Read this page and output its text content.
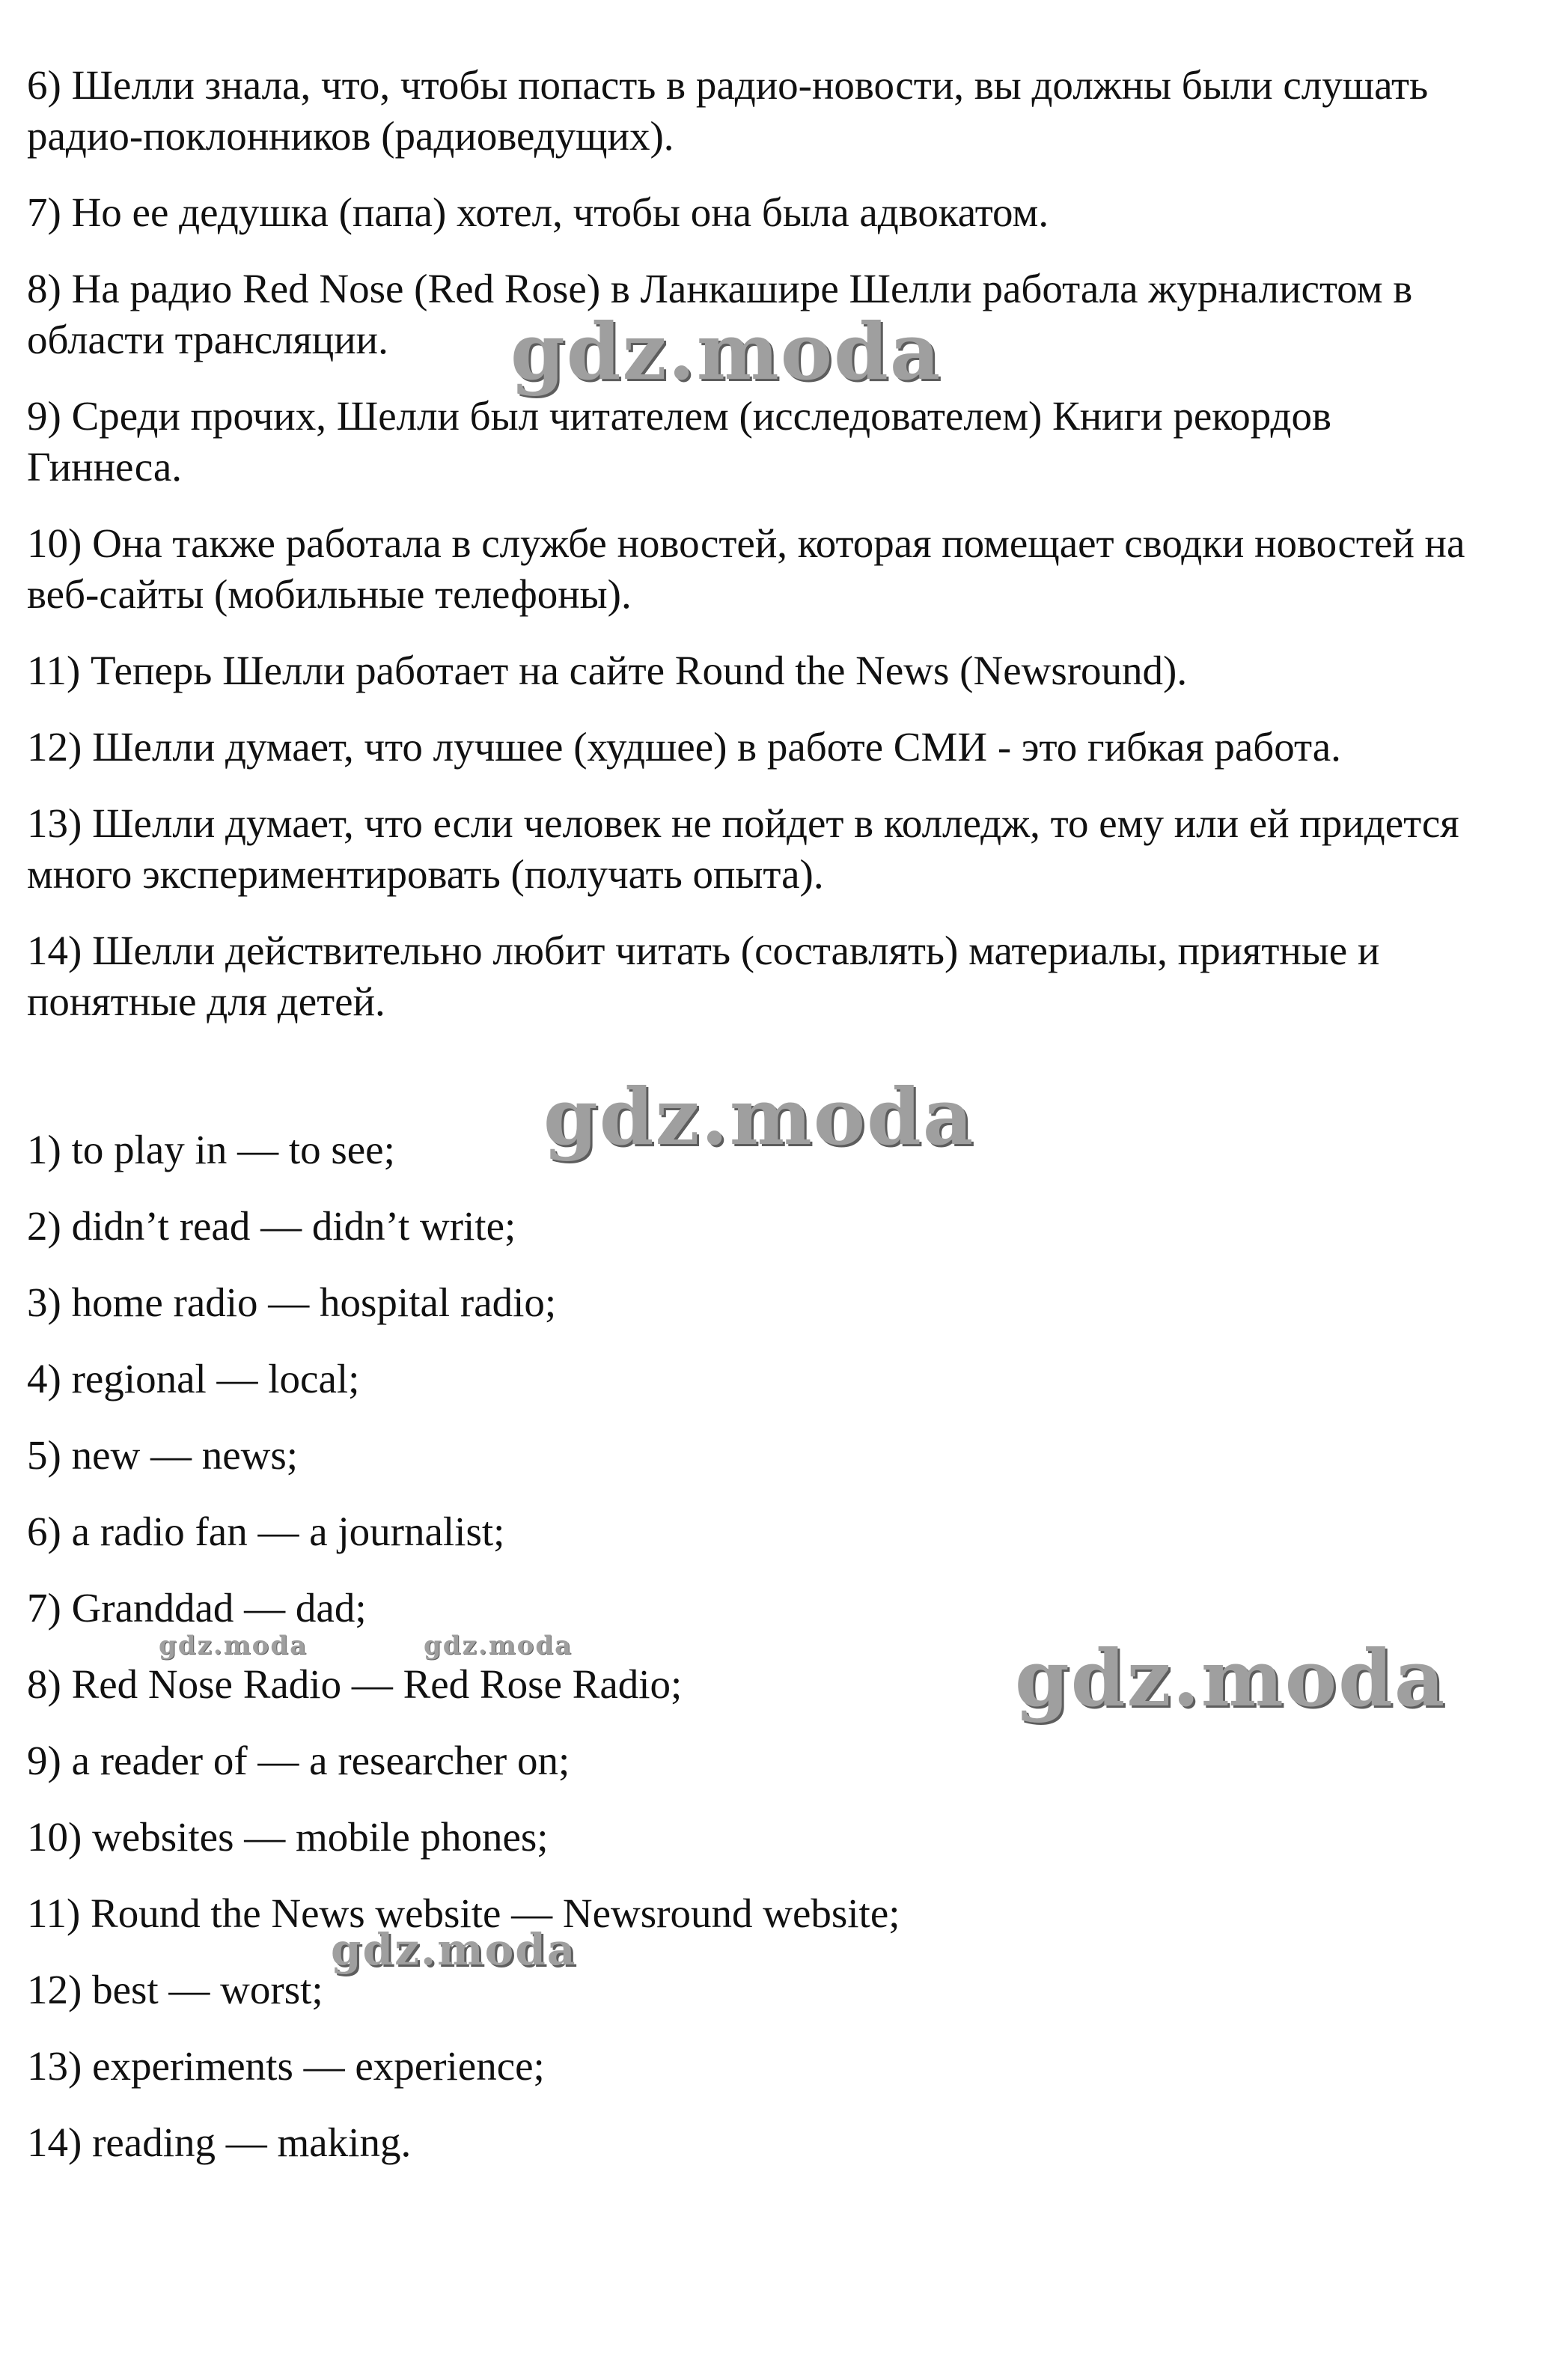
6) Шелли знала, что, чтобы попасть в радио-новости, вы должны были слушать радио-поклонников (радиоведущих).

7) Но ее дедушка (папа) хотел, чтобы она была адвокатом.

8) На радио Red Nose (Red Rose) в Ланкашире Шелли работала журналистом в области трансляции.

9) Среди прочих, Шелли был читателем (исследователем) Книги рекордов Гиннеса.

10) Она также работала в службе новостей, которая помещает сводки новостей на веб-сайты (мобильные телефоны).

11) Теперь Шелли работает на сайте Round the News (Newsround).

12) Шелли думает, что лучшее (худшее) в работе СМИ - это гибкая работа.

13) Шелли думает, что если человек не пойдет в колледж, то ему или ей придется много экспериментировать (получать опыта).

14) Шелли действительно любит читать (составлять) материалы, приятные и понятные для детей.

1) to play in — to see;
2) didn’t read — didn’t write;
3) home radio — hospital radio;
4) regional — local;
5) new — news;
6) a radio fan — a journalist;
7) Granddad — dad;
8) Red Nose Radio — Red Rose Radio;
9) a reader of — a researcher on;
10) websites — mobile phones;
11) Round the News website — Newsround website;
12) best — worst;
13) experiments — experience;
14) reading — making.
gdz.moda
gdz.moda
gdz.moda
gdz.moda	gdz.moda
gdz.moda
